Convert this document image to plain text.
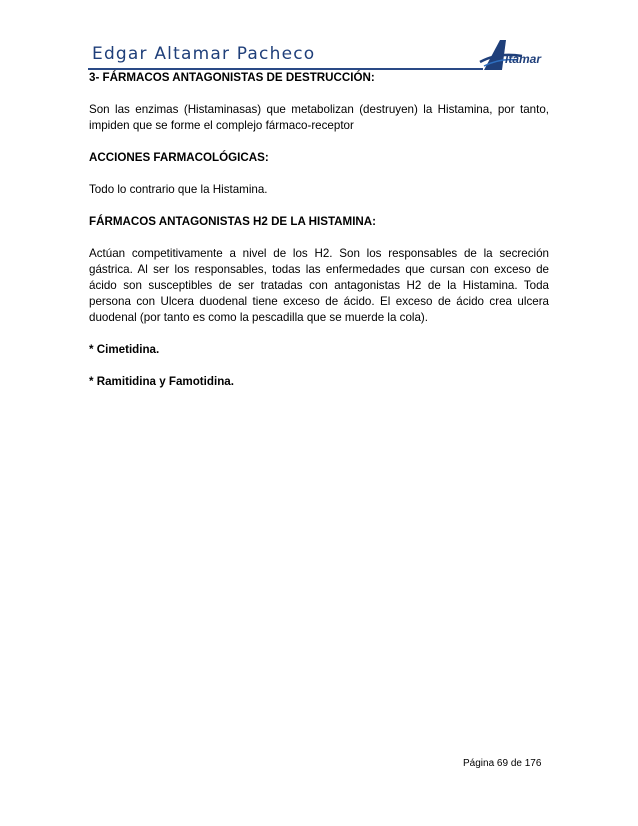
Edgar Altamar Pacheco	ltamar

3- FÁRMACOS ANTAGONISTAS DE DESTRUCCIÓN:

Son las enzimas (Histaminasas) que metabolizan (destruyen) la Histamina, por tanto, impiden que se forme el complejo fármaco-receptor

ACCIONES FARMACOLÓGICAS:

Todo lo contrario que la Histamina.

FÁRMACOS ANTAGONISTAS H2 DE LA HISTAMINA:

Actúan competitivamente a nivel de los H2. Son los responsables de la secreción gástrica. Al ser los responsables, todas las enfermedades que cursan con exceso de ácido son susceptibles de ser tratadas con antagonistas H2 de la Histamina. Toda persona con Ulcera duodenal tiene exceso de ácido. El exceso de ácido crea ulcera duodenal (por tanto es como la pescadilla que se muerde la cola).

* Cimetidina.

* Ramitidina y Famotidina.

Página 69 de 176
